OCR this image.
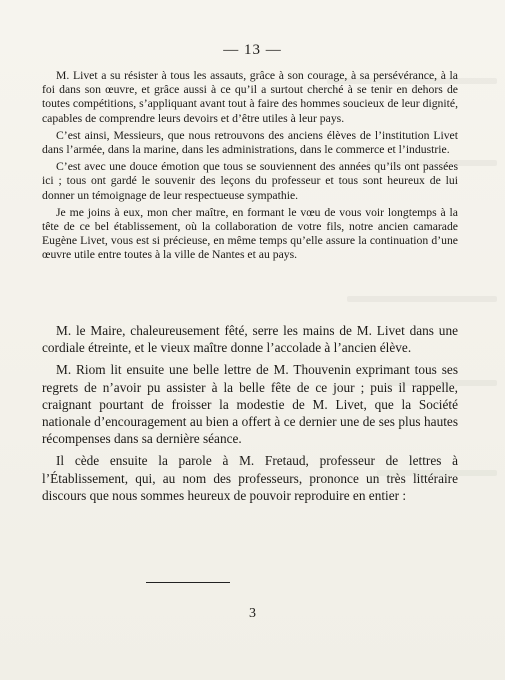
— 13 —

M. Livet a su résister à tous les assauts, grâce à son courage, à sa persévérance, à la foi dans son œuvre, et grâce aussi à ce qu’il a surtout cherché à se tenir en dehors de toutes compétitions, s’appliquant avant tout à faire des hommes soucieux de leur dignité, capables de comprendre leurs devoirs et d’être utiles à leur pays.

C’est ainsi, Messieurs, que nous retrouvons des anciens élèves de l’institution Livet dans l’armée, dans la marine, dans les administrations, dans le commerce et l’industrie.

C’est avec une douce émotion que tous se souviennent des années qu’ils ont passées ici ; tous ont gardé le souvenir des leçons du professeur et tous sont heureux de lui donner un témoignage de leur respectueuse sympathie.

Je me joins à eux, mon cher maître, en formant le vœu de vous voir longtemps à la tête de ce bel établissement, où la collaboration de votre fils, notre ancien camarade Eugène Livet, vous est si précieuse, en même temps qu’elle assure la continuation d’une œuvre utile entre toutes à la ville de Nantes et au pays.

M. le Maire, chaleureusement fêté, serre les mains de M. Livet dans une cordiale étreinte, et le vieux maître donne l’accolade à l’ancien élève.

M. Riom lit ensuite une belle lettre de M. Thouvenin exprimant tous ses regrets de n’avoir pu assister à la belle fête de ce jour ; puis il rappelle, craignant pourtant de froisser la modestie de M. Livet, que la Société nationale d’encouragement au bien a offert à ce dernier une de ses plus hautes récompenses dans sa dernière séance.

Il cède ensuite la parole à M. Fretaud, professeur de lettres à l’Établissement, qui, au nom des professeurs, prononce un très littéraire discours que nous sommes heureux de pouvoir reproduire en entier :

3
